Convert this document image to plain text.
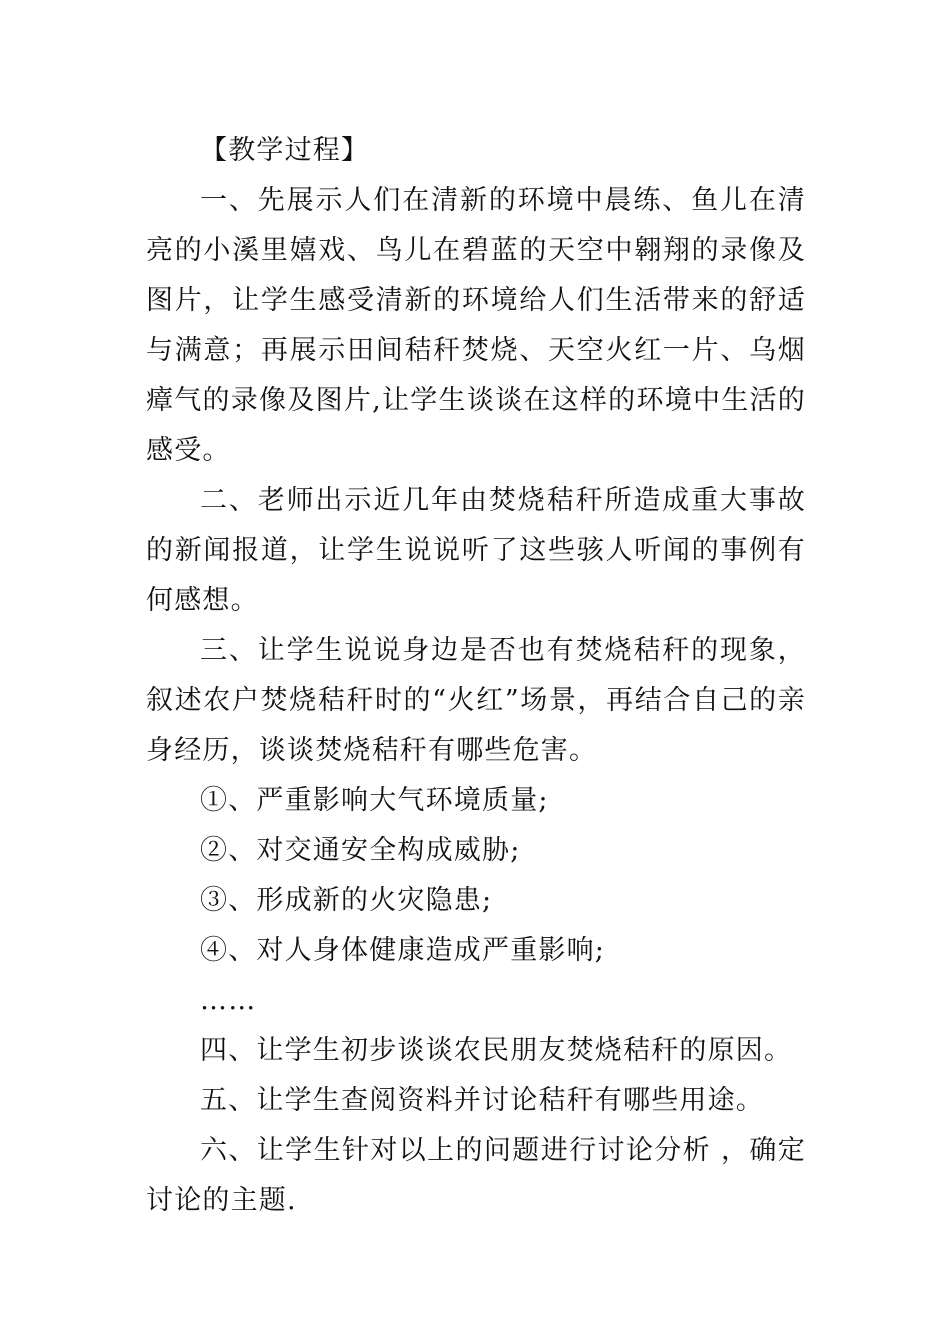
【教学过程】

一、先展示人们在清新的环境中晨练、鱼儿在清亮的小溪里嬉戏、鸟儿在碧蓝的天空中翱翔的录像及图片，让学生感受清新的环境给人们生活带来的舒适与满意；再展示田间秸秆焚烧、天空火红一片、乌烟瘴气的录像及图片,让学生谈谈在这样的环境中生活的感受。

二、老师出示近几年由焚烧秸秆所造成重大事故的新闻报道，让学生说说听了这些骇人听闻的事例有何感想。

三、让学生说说身边是否也有焚烧秸秆的现象，叙述农户焚烧秸秆时的“火红”场景，再结合自己的亲身经历，谈谈焚烧秸秆有哪些危害。

①、严重影响大气环境质量;

②、对交通安全构成威胁;

③、形成新的火灾隐患;

④、对人身体健康造成严重影响;

……

四、让学生初步谈谈农民朋友焚烧秸秆的原因。

五、让学生查阅资料并讨论秸秆有哪些用途。

六、让学生针对以上的问题进行讨论分析 ，确定讨论的主题.
